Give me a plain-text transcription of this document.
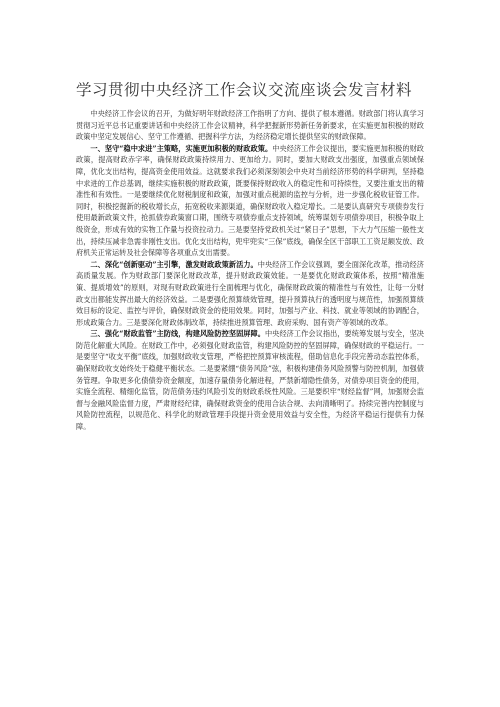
学习贯彻中央经济工作会议交流座谈会发言材料

中央经济工作会议的召开，为做好明年财政经济工作指明了方向、提供了根本遵循。财政部门将认真学习贯彻习近平总书记重要讲话和中央经济工作会议精神，科学把握新形势新任务新要求，在实施更加积极的财政政策中坚定发展信心、坚守工作遵循、把握科学方法，为经济稳定增长提供坚实的财政保障。

一、坚守“稳中求进”主策略，实施更加积极的财政政策。中央经济工作会议提出，要实施更加积极的财政政策，提高财政赤字率，确保财政政策持续用力、更加给力。同时，要加大财政支出强度，加强重点领域保障，优化支出结构，提高资金使用效益。这就要求我们必须深刻领会中央对当前经济形势的科学研判，坚持稳中求进的工作总基调，继续实施积极的财政政策，既要保持财政收入的稳定性和可持续性，又要注重支出的精准性和有效性。一是要继续优化财税制度和政策，加强对重点税源的监控与分析，进一步强化税收征管工作。同时，积极挖掘新的税收增长点，拓宽税收来源渠道，确保财政收入稳定增长。二是要认真研究专项债券发行使用最新政策文件，抢抓债券政策窗口期，围绕专项债券重点支持领域，统筹谋划专项债券项目，积极争取上级资金，形成有效的实物工作量与投资拉动力。三是要坚持党政机关过“紧日子”思想，下大力气压缩一般性支出，持续压减非急需非刚性支出。优化支出结构，兜牢兜实“三保”底线，确保全区干部职工工资足额发放、政府机关正常运转及社会保障等各项重点支出需要。

二、深化“创新驱动”主引擎，激发财政政策新活力。中央经济工作会议强调，要全面深化改革，推动经济高质量发展。作为财政部门要深化财政改革，提升财政政策效能。一是要优化财政政策体系，按照“精准施策、提质增效”的原则，对现有财政政策进行全面梳理与优化，确保财政政策的精准性与有效性，让每一分财政支出都能发挥出最大的经济效益。二是要强化预算绩效管理，提升预算执行的透明度与规范性，加强预算绩效目标的设定、监控与评价，确保财政资金的使用效果。同时，加强与产业、科技、就业等领域的协调配合，形成政策合力。三是要深化财政体制改革，持续推进预算管理、政府采购、国有资产等领域的改革。

三、强化“财政监管”主防线，构建风险防控坚固屏障。中央经济工作会议指出，要统筹发展与安全，坚决防范化解重大风险。在财政工作中，必须强化财政监管，构建风险防控的坚固屏障，确保财政的平稳运行。一是要坚守“收支平衡”底线，加强财政收支管理，严格把控预算审核流程，借助信息化手段完善动态监控体系，确保财政收支始终处于稳健平衡状态。二是要紧绷“债务风险”弦，积极构建债务风险预警与防控机制，加强债务管理。争取更多化债债券资金额度，加速存量债务化解进程，严禁新增隐性债务，对债券项目资金的使用，实施全流程、精细化监管，防范债务违约风险引发的财政系统性风险。三是要织牢“财经监督”网，加强财会监督与金融风险监督力度，严肃财经纪律，确保财政资金的使用合法合规、去向清晰明了。持续完善内控制度与风险防控流程，以规范化、科学化的财政管理手段提升资金使用效益与安全性，为经济平稳运行提供有力保障。
